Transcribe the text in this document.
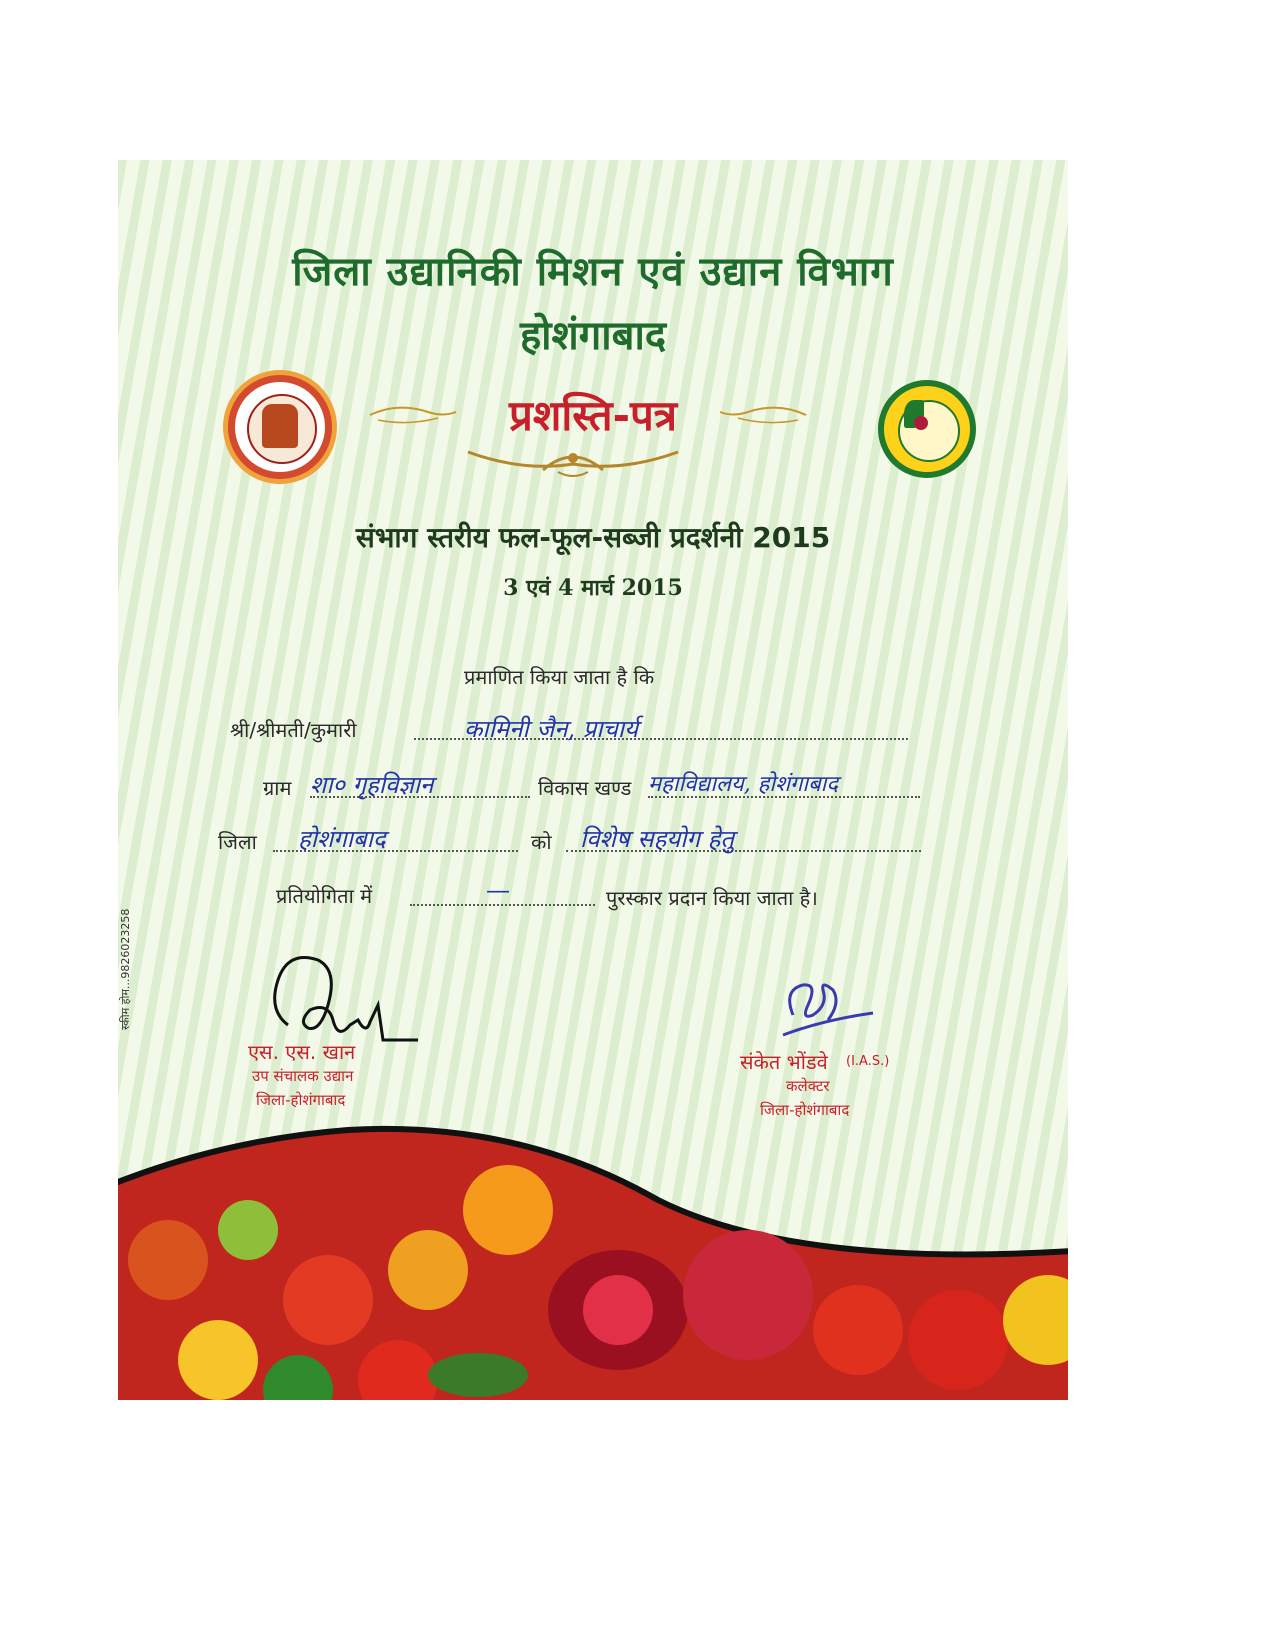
जिला उद्यानिकी मिशन एवं उद्यान विभाग
होशंगाबाद
प्रशस्ति-पत्र
संभाग स्तरीय फल-फूल-सब्जी प्रदर्शनी 2015
3 एवं 4 मार्च 2015
प्रमाणित किया जाता है कि
श्री/श्रीमती/कुमारी	कामिनी जैन, प्राचार्य
ग्राम शा० गृहविज्ञान	विकास खण्ड महाविद्यालय, होशंगाबाद
जिला होशंगाबाद	को विशेष सहयोग हेतु
प्रतियोगिता में	—	पुरस्कार प्रदान किया जाता है।
एस. एस. खान
उप संचालक उद्यान
जिला-होशंगाबाद
संकेत भोंडवे (I.A.S.)
कलेक्टर
जिला-होशंगाबाद
स्कीम होम...9826023258
